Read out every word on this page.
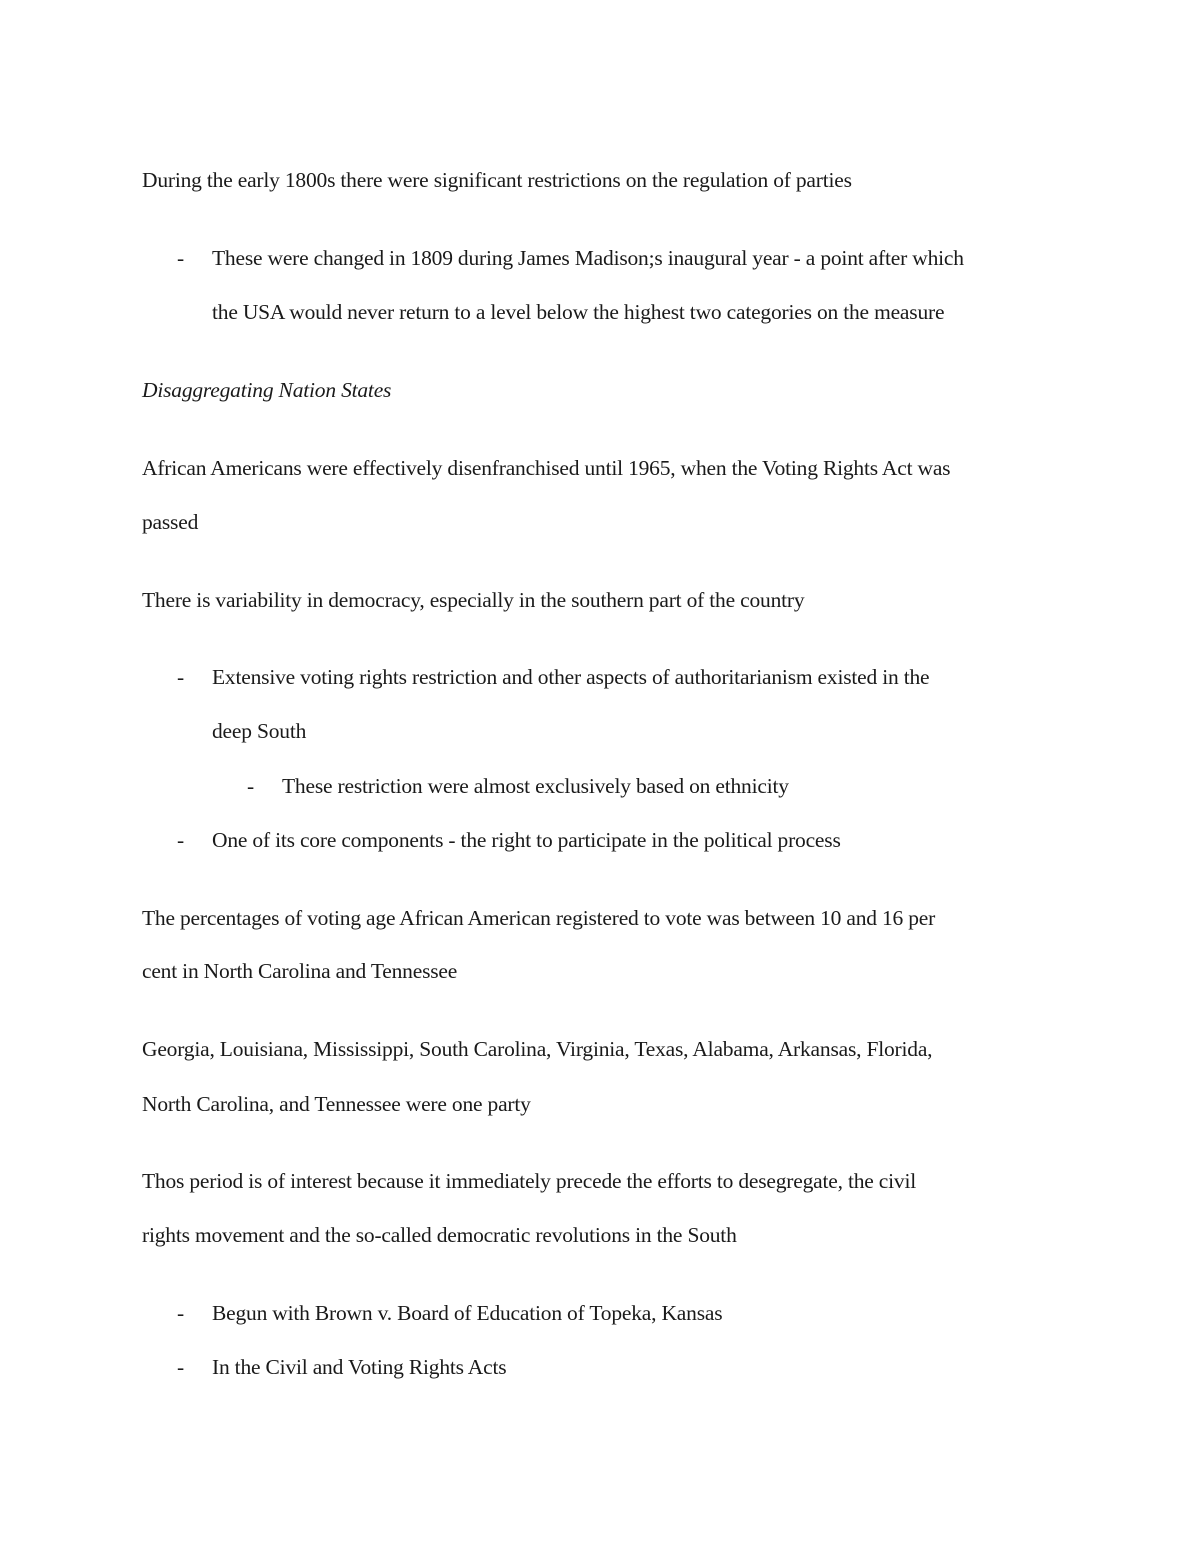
During the early 1800s there were significant restrictions on the regulation of parties
- These were changed in 1809 during James Madison;s inaugural year - a point after which
the USA would never return to a level below the highest two categories on the measure
Disaggregating Nation States
African Americans were effectively disenfranchised until 1965, when the Voting Rights Act was
passed
There is variability in democracy, especially in the southern part of the country
- Extensive voting rights restriction and other aspects of authoritarianism existed in the
deep South
- These restriction were almost exclusively based on ethnicity
- One of its core components - the right to participate in the political process
The percentages of voting age African American registered to vote was between 10 and 16 per
cent in North Carolina and Tennessee
Georgia, Louisiana, Mississippi, South Carolina, Virginia, Texas, Alabama, Arkansas, Florida,
North Carolina, and Tennessee were one party
Thos period is of interest because it immediately precede the efforts to desegregate, the civil
rights movement and the so-called democratic revolutions in the South
- Begun with Brown v. Board of Education of Topeka, Kansas
- In the Civil and Voting Rights Acts
